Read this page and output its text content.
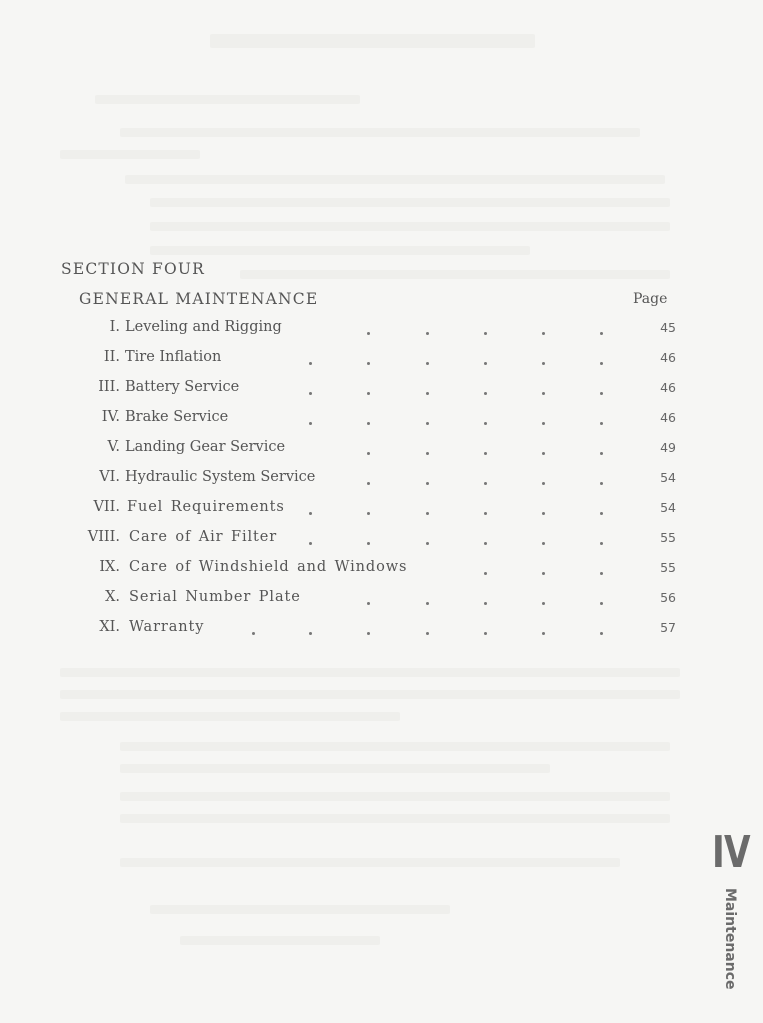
SECTION FOUR
GENERAL MAINTENANCE	Page
I. Leveling and Rigging	45
II. Tire Inflation	46
III. Battery Service	46
IV. Brake Service	46
V. Landing Gear Service	49
VI. Hydraulic System Service	54
VII. Fuel Requirements	54
VIII. Care of Air Filter	55
IX. Care of Windshield and Windows	55
X. Serial Number Plate	56
XI. Warranty	57
IV
Maintenance
